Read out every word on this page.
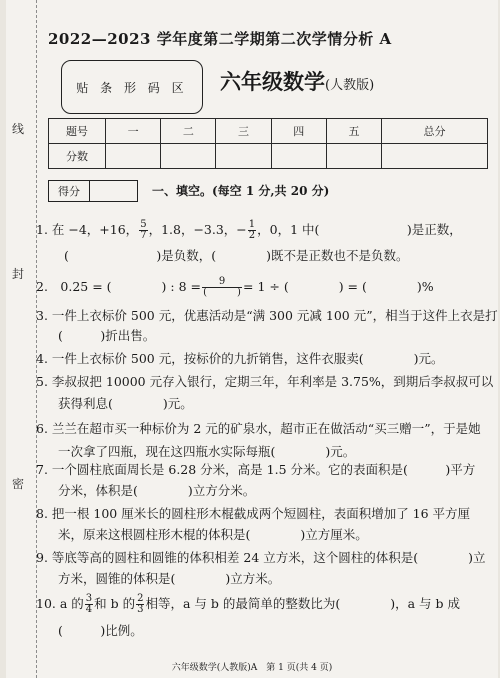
线
封
密
2022—2023 学年度第二学期第二次学情分析 A
贴 条 形 码 区 六年级数学(人教版)
题号	一	二	三	四	五	总分
分数						
得分	一、填空。(每空 1 分,共 20 分)
1. 在 −4，+16， $\frac{5}{7}$ ，1.8，−3.3，− $\frac{1}{2}$ ，0，1 中(　　　　　　　)是正数，
(　　　　　　　)是负数，(　　　　)既不是正数也不是负数。
2.　0.25 = (　　　　) : $8 = \frac{9}{( )} = 1$ ÷ (　　　　) = (　　　　)%
3. 一件上衣标价 500 元，优惠活动是“满 300 元减 100 元”，相当于这件上衣是打
(　　　)折出售。
4. 一件上衣标价 500 元，按标价的九折销售，这件衣服卖(　　　　)元。
5. 李叔叔把 10000 元存入银行，定期三年，年利率是 3.75%，到期后李叔叔可以
获得利息(　　　　)元。
6. 兰兰在超市买一种标价为 2 元的矿泉水，超市正在做活动“买三赠一”，于是她
一次拿了四瓶，现在这四瓶水实际每瓶(　　　　)元。
7. 一个圆柱底面周长是 6.28 分米，高是 1.5 分米。它的表面积是(　　　)平方
分米，体积是(　　　　)立方分米。
8. 把一根 100 厘米长的圆柱形木棍截成两个短圆柱，表面积增加了 16 平方厘
米，原来这根圆柱形木棍的体积是(　　　　)立方厘米。
9. 等底等高的圆柱和圆锥的体积相差 24 立方米，这个圆柱的体积是(　　　　)立
方米，圆锥的体积是(　　　　)立方米。
10. a 的 $\frac{3}{4}$ 和 b 的 $\frac{2}{3}$ 相等，a 与 b 的最简单的整数比为(　　　　)，a 与 b 成
(　　　)比例。
六年级数学(人教版)A　第 1 页(共 4 页)
